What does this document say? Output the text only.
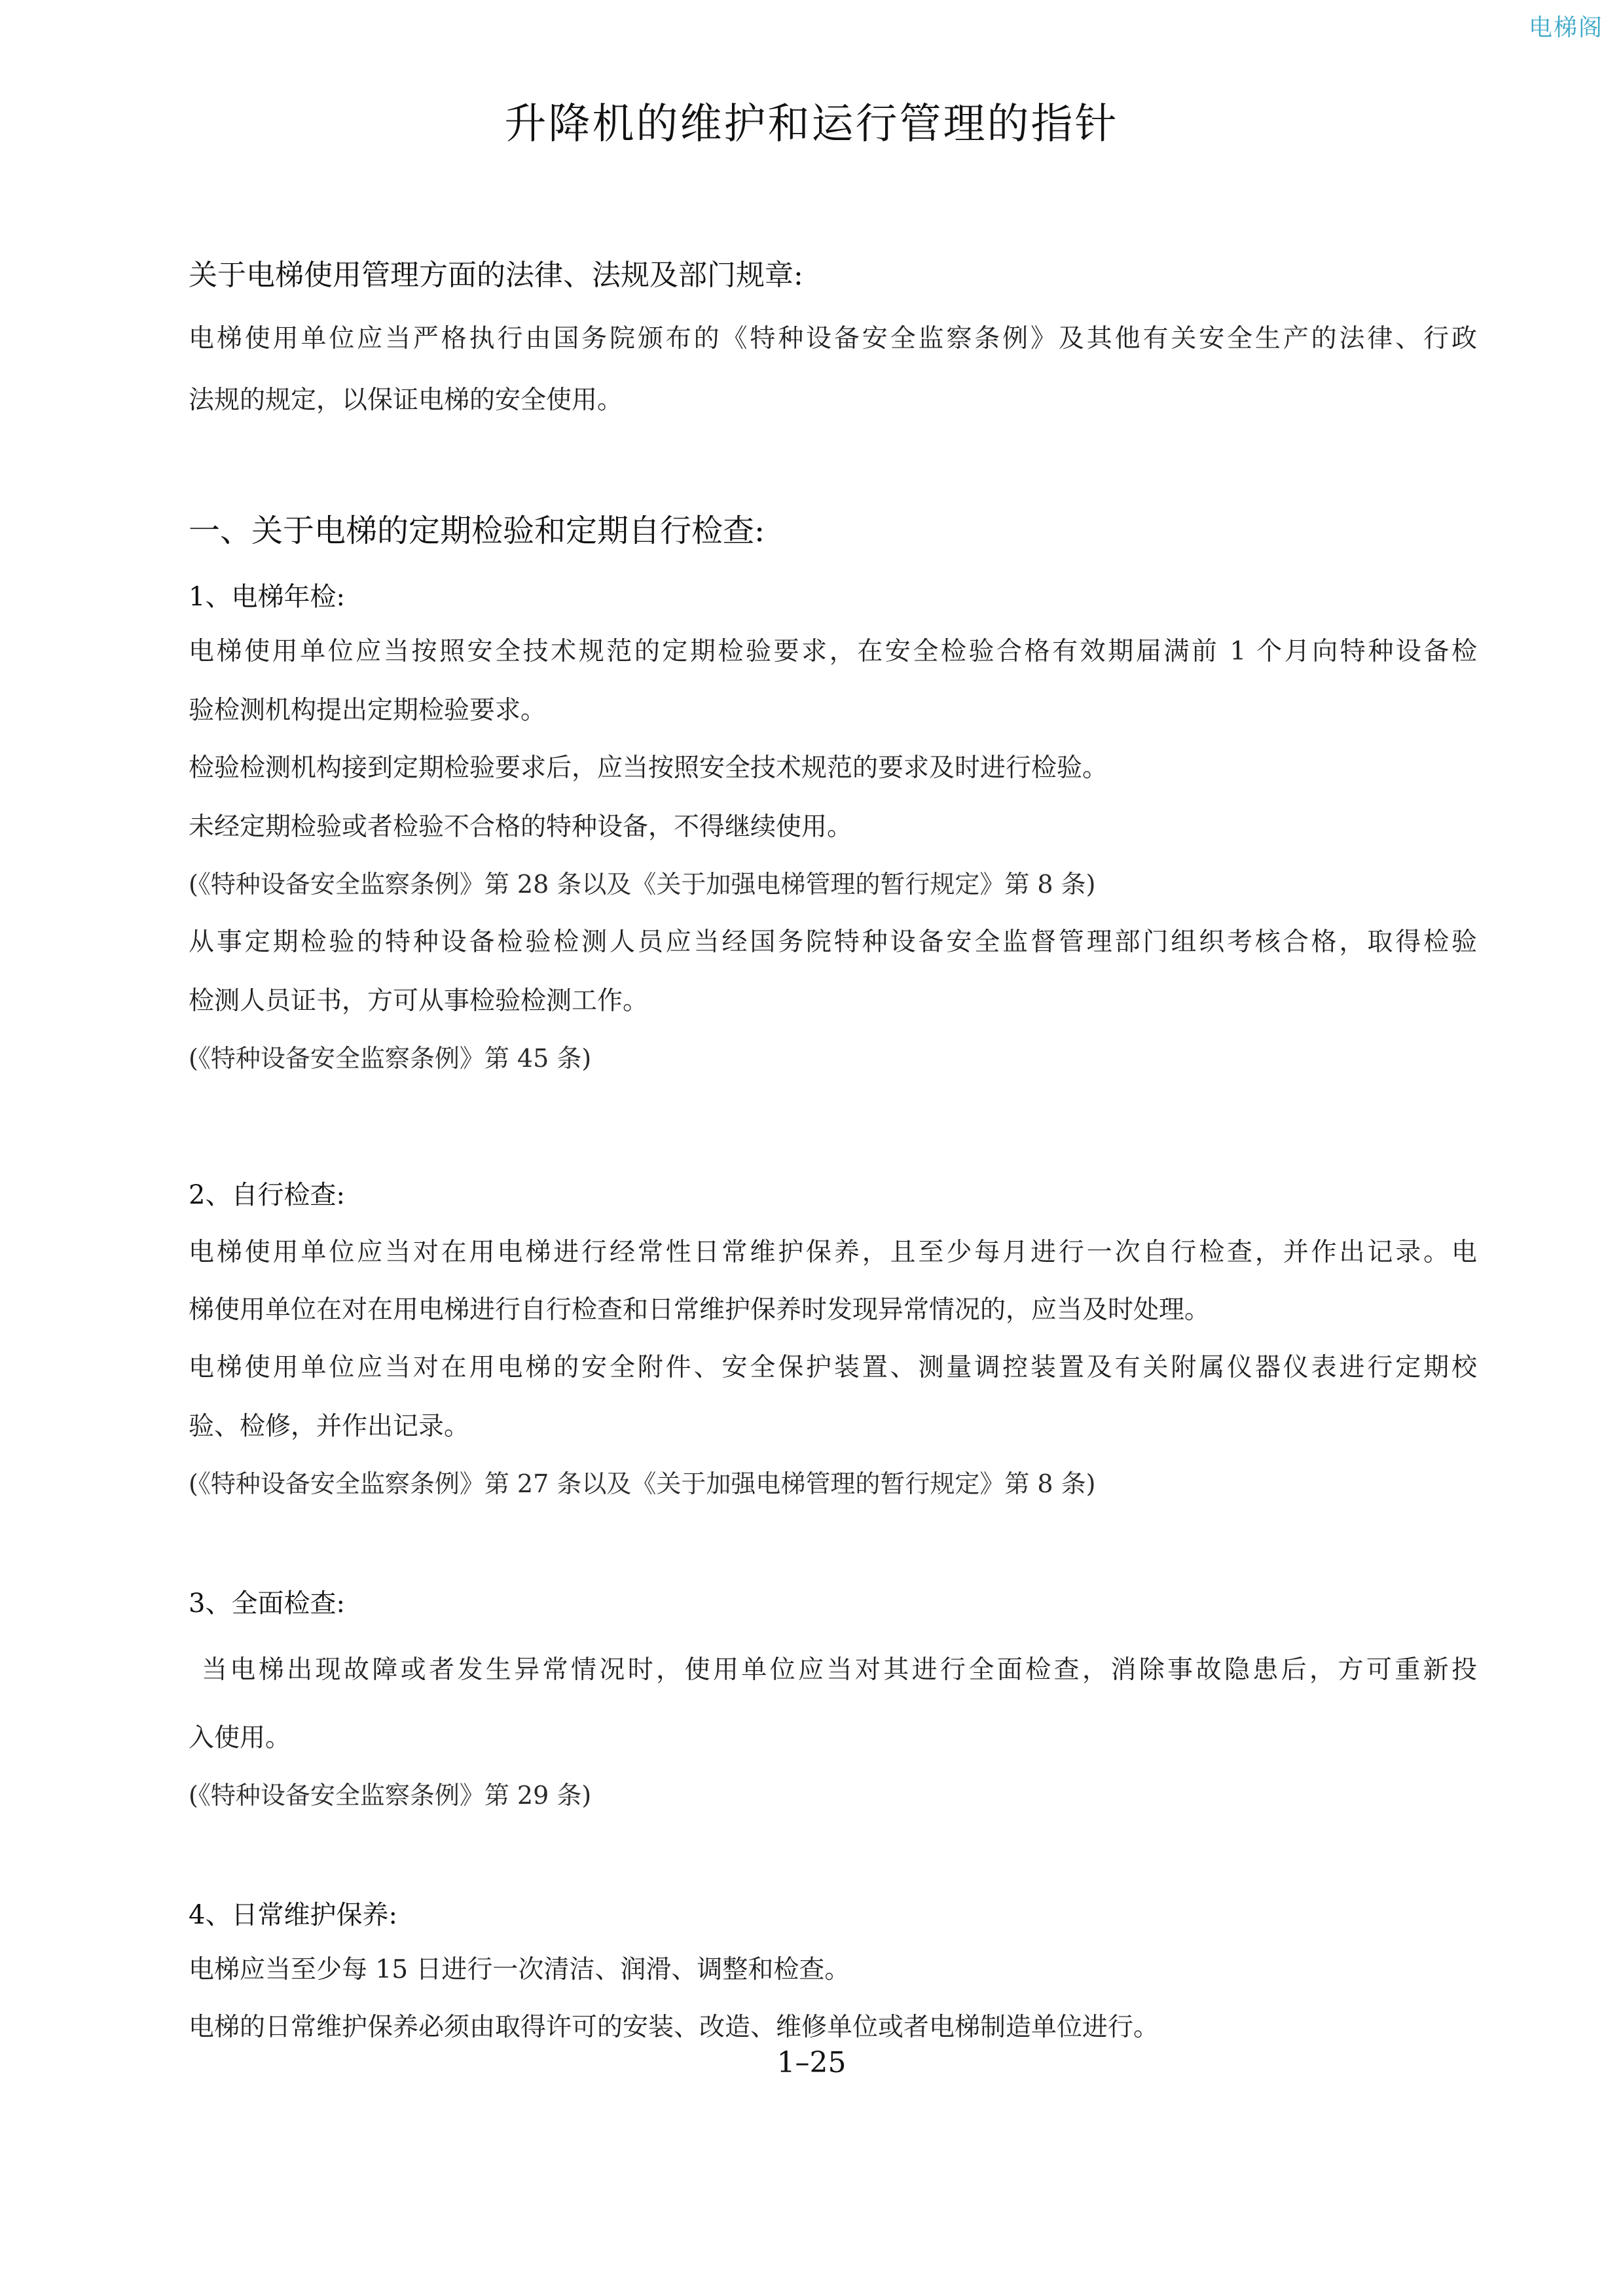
电梯阁
升降机的维护和运行管理的指针
关于电梯使用管理方面的法律、法规及部门规章:
电梯使用单位应当严格执行由国务院颁布的《特种设备安全监察条例》及其他有关安全生产的法律、行政
法规的规定，以保证电梯的安全使用。
一、关于电梯的定期检验和定期自行检查:
1、电梯年检:
电梯使用单位应当按照安全技术规范的定期检验要求，在安全检验合格有效期届满前 1 个月向特种设备检
验检测机构提出定期检验要求。
检验检测机构接到定期检验要求后，应当按照安全技术规范的要求及时进行检验。
未经定期检验或者检验不合格的特种设备，不得继续使用。
(《特种设备安全监察条例》第 28 条以及《关于加强电梯管理的暂行规定》第 8 条)
从事定期检验的特种设备检验检测人员应当经国务院特种设备安全监督管理部门组织考核合格，取得检验
检测人员证书，方可从事检验检测工作。
(《特种设备安全监察条例》第 45 条)
2、自行检查:
电梯使用单位应当对在用电梯进行经常性日常维护保养，且至少每月进行一次自行检查，并作出记录。电
梯使用单位在对在用电梯进行自行检查和日常维护保养时发现异常情况的，应当及时处理。
电梯使用单位应当对在用电梯的安全附件、安全保护装置、测量调控装置及有关附属仪器仪表进行定期校
验、检修，并作出记录。
(《特种设备安全监察条例》第 27 条以及《关于加强电梯管理的暂行规定》第 8 条)
3、全面检查:
当电梯出现故障或者发生异常情况时，使用单位应当对其进行全面检查，消除事故隐患后，方可重新投
入使用。
(《特种设备安全监察条例》第 29 条)
4、日常维护保养:
电梯应当至少每 15 日进行一次清洁、润滑、调整和检查。
电梯的日常维护保养必须由取得许可的安装、改造、维修单位或者电梯制造单位进行。
1–25
